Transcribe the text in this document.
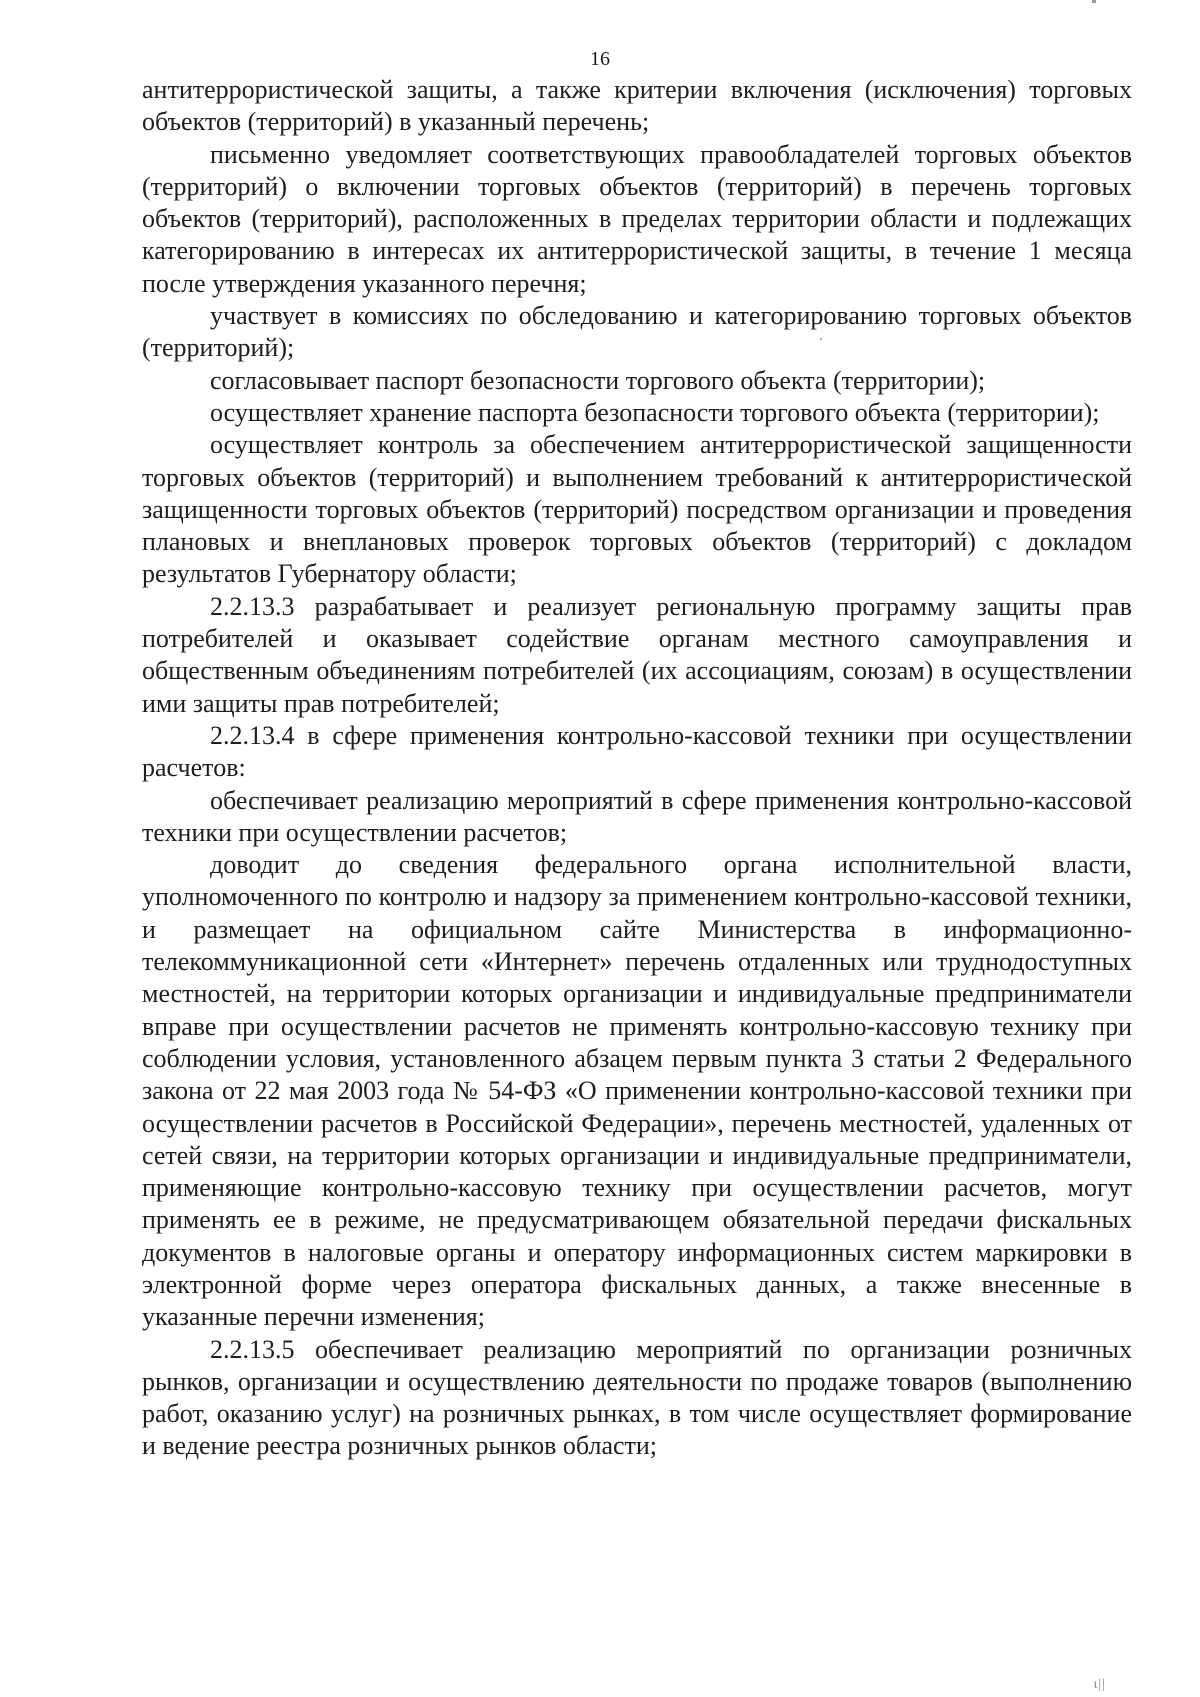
16

антитеррористической защиты, а также критерии включения (исключения) торговых объектов (территорий) в указанный перечень;

письменно уведомляет соответствующих правообладателей торговых объектов (территорий) о включении торговых объектов (территорий) в перечень торговых объектов (территорий), расположенных в пределах территории области и подлежащих категорированию в интересах их антитеррористической защиты, в течение 1 месяца после утверждения указанного перечня;

участвует в комиссиях по обследованию и категорированию торговых объектов (территорий);

согласовывает паспорт безопасности торгового объекта (территории);

осуществляет хранение паспорта безопасности торгового объекта (территории);

осуществляет контроль за обеспечением антитеррористической защищенности торговых объектов (территорий) и выполнением требований к антитеррористической защищенности торговых объектов (территорий) посредством организации и проведения плановых и внеплановых проверок торговых объектов (территорий) с докладом результатов Губернатору области;

2.2.13.3 разрабатывает и реализует региональную программу защиты прав потребителей и оказывает содействие органам местного самоуправления и общественным объединениям потребителей (их ассоциациям, союзам) в осуществлении ими защиты прав потребителей;

2.2.13.4 в сфере применения контрольно-кассовой техники при осуществлении расчетов:

обеспечивает реализацию мероприятий в сфере применения контрольно-кассовой техники при осуществлении расчетов;

доводит до сведения федерального органа исполнительной власти, уполномоченного по контролю и надзору за применением контрольно-кассовой техники, и размещает на официальном сайте Министерства в информационно-телекоммуникационной сети «Интернет» перечень отдаленных или труднодоступных местностей, на территории которых организации и индивидуальные предприниматели вправе при осуществлении расчетов не применять контрольно-кассовую технику при соблюдении условия, установленного абзацем первым пункта 3 статьи 2 Федерального закона от 22 мая 2003 года № 54-ФЗ «О применении контрольно-кассовой техники при осуществлении расчетов в Российской Федерации», перечень местностей, удаленных от сетей связи, на территории которых организации и индивидуальные предприниматели, применяющие контрольно-кассовую технику при осуществлении расчетов, могут применять ее в режиме, не предусматривающем обязательной передачи фискальных документов в налоговые органы и оператору информационных систем маркировки в электронной форме через оператора фискальных данных, а также внесенные в указанные перечни изменения;

2.2.13.5 обеспечивает реализацию мероприятий по организации розничных рынков, организации и осуществлению деятельности по продаже товаров (выполнению работ, оказанию услуг) на розничных рынках, в том числе осуществляет формирование и ведение реестра розничных рынков области;

ι||
